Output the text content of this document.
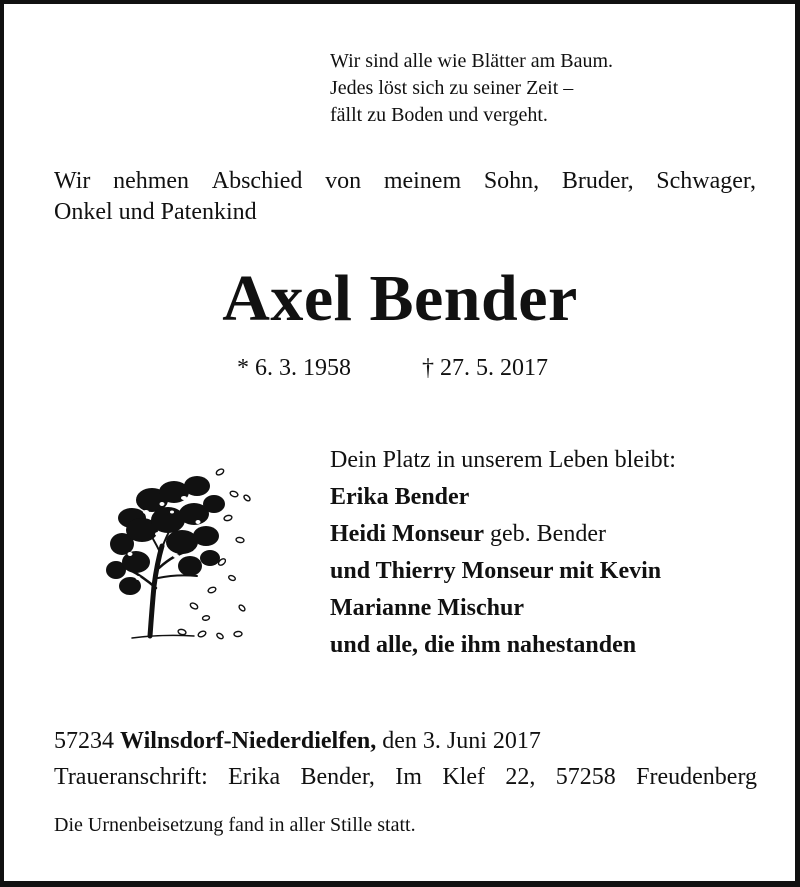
Wir sind alle wie Blätter am Baum.
Jedes löst sich zu seiner Zeit –
fällt zu Boden und vergeht.
Wir nehmen Abschied von meinem Sohn, Bruder, Schwager,
Onkel und Patenkind
Axel Bender
* 6. 3. 1958	† 27. 5. 2017
Dein Platz in unserem Leben bleibt:
Erika Bender
Heidi Monseur geb. Bender
und Thierry Monseur mit Kevin
Marianne Mischur
und alle, die ihm nahestanden
57234 Wilnsdorf-Niederdielfen, den 3. Juni 2017
Traueranschrift: Erika Bender, Im Klef 22, 57258 Freudenberg
Die Urnenbeisetzung fand in aller Stille statt.
